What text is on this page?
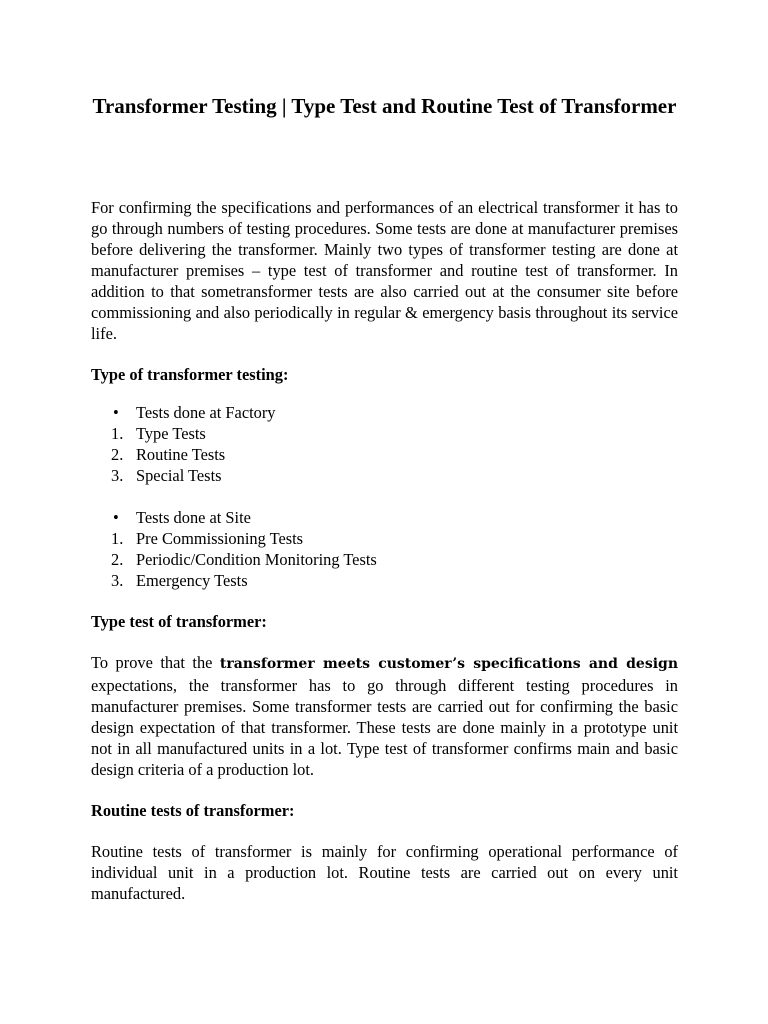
Transformer Testing | Type Test and Routine Test of Transformer

For confirming the specifications and performances of an electrical transformer it has to go through numbers of testing procedures. Some tests are done at manufacturer premises before delivering the transformer. Mainly two types of transformer testing are done at manufacturer premises – type test of transformer and routine test of transformer. In addition to that sometransformer tests are also carried out at the consumer site before commissioning and also periodically in regular & emergency basis throughout its service life.

Type of transformer testing:

• Tests done at Factory
1. Type Tests
2. Routine Tests
3. Special Tests
• Tests done at Site
1. Pre Commissioning Tests
2. Periodic/Condition Monitoring Tests
3. Emergency Tests

Type test of transformer:

To prove that the transformer meets customer’s specifications and design expectations, the transformer has to go through different testing procedures in manufacturer premises. Some transformer tests are carried out for confirming the basic design expectation of that transformer. These tests are done mainly in a prototype unit not in all manufactured units in a lot. Type test of transformer confirms main and basic design criteria of a production lot.

Routine tests of transformer:

Routine tests of transformer is mainly for confirming operational performance of individual unit in a production lot. Routine tests are carried out on every unit manufactured.
